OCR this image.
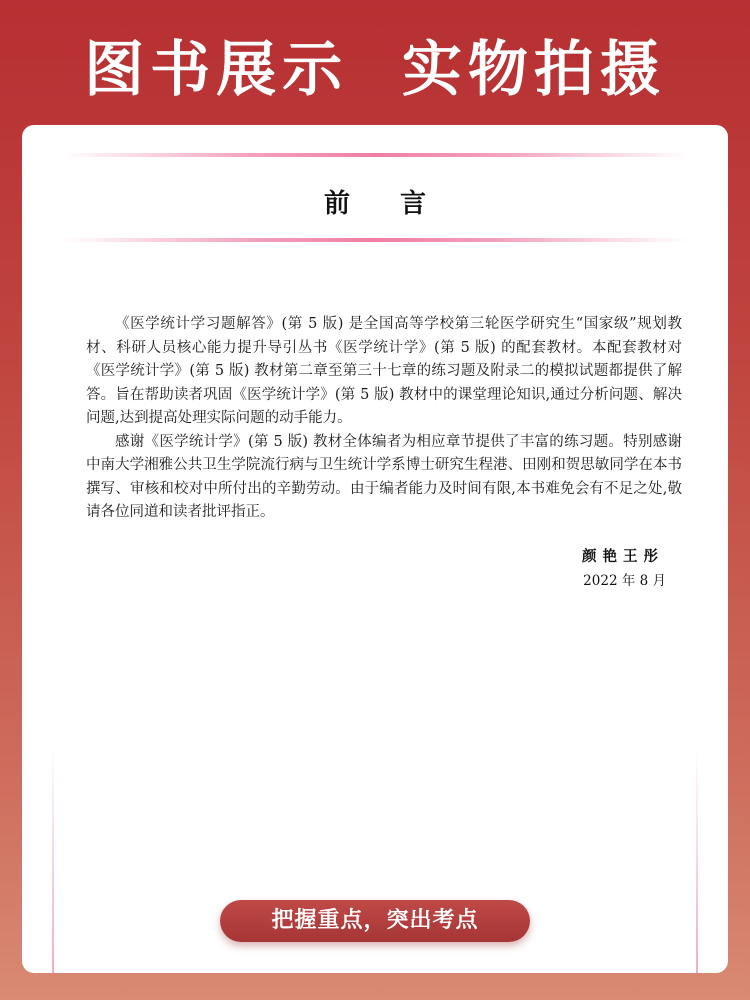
图书展示  实物拍摄
前言

《医学统计学习题解答》(第 5 版) 是全国高等学校第三轮医学研究生“国家级”规划教材、科研人员核心能力提升导引丛书《医学统计学》(第 5 版) 的配套教材。本配套教材对《医学统计学》(第 5 版) 教材第二章至第三十七章的练习题及附录二的模拟试题都提供了解答。旨在帮助读者巩固《医学统计学》(第 5 版) 教材中的课堂理论知识,通过分析问题、解决问题,达到提高处理实际问题的动手能力。

感谢《医学统计学》(第 5 版) 教材全体编者为相应章节提供了丰富的练习题。特别感谢中南大学湘雅公共卫生学院流行病与卫生统计学系博士研究生程港、田刚和贺思敏同学在本书撰写、审核和校对中所付出的辛勤劳动。由于编者能力及时间有限,本书难免会有不足之处,敬请各位同道和读者批评指正。

颜艳王彤
2022 年 8 月
把握重点，突出考点
